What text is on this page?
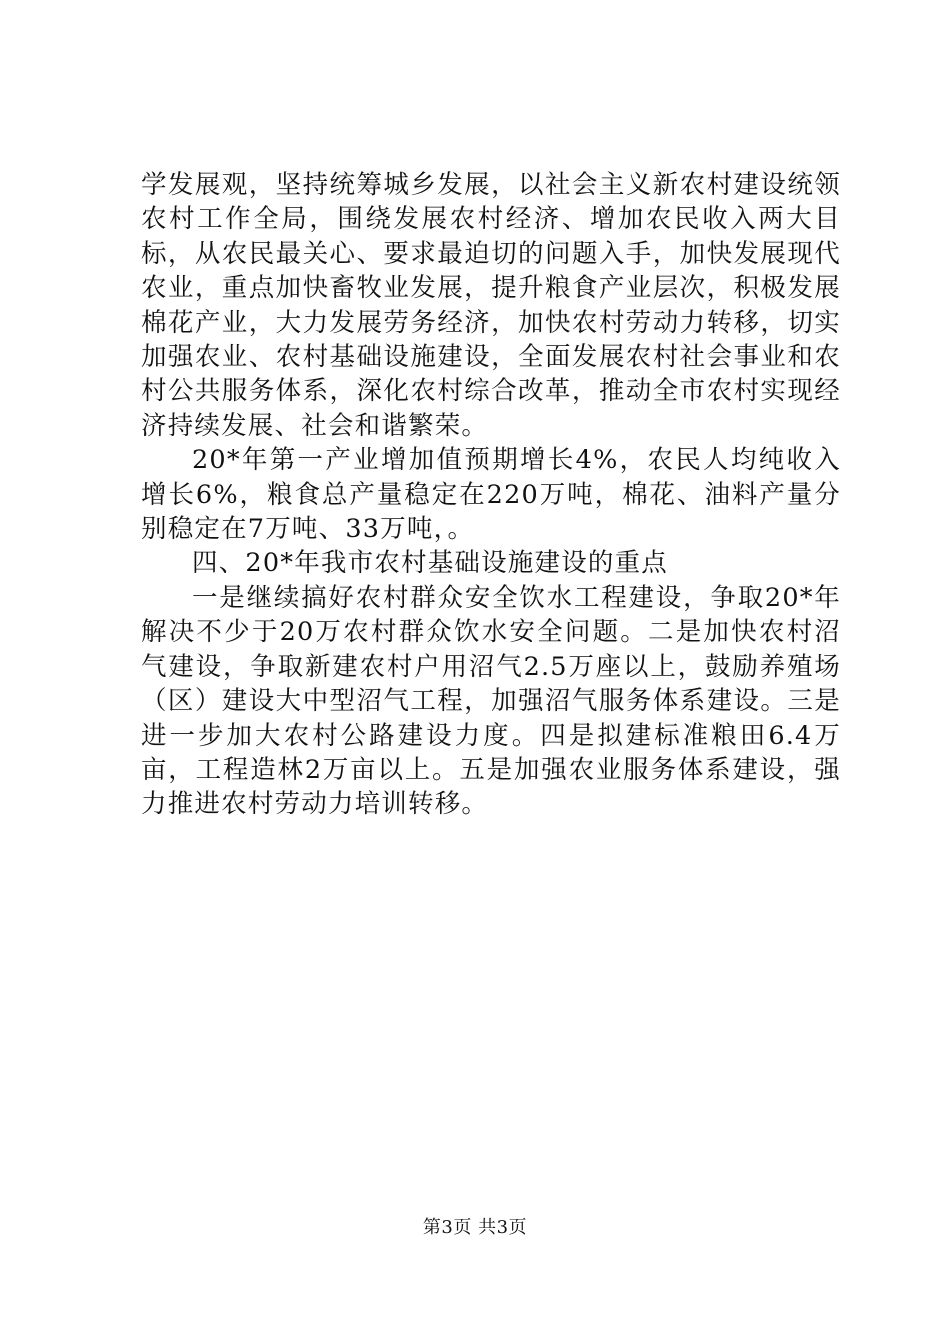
学发展观，坚持统筹城乡发展，以社会主义新农村建设统领农村工作全局，围绕发展农村经济、增加农民收入两大目标，从农民最关心、要求最迫切的问题入手，加快发展现代农业，重点加快畜牧业发展，提升粮食产业层次，积极发展棉花产业，大力发展劳务经济，加快农村劳动力转移，切实加强农业、农村基础设施建设，全面发展农村社会事业和农村公共服务体系，深化农村综合改革，推动全市农村实现经济持续发展、社会和谐繁荣。

20*年第一产业增加值预期增长4%，农民人均纯收入增长6%，粮食总产量稳定在220万吨，棉花、油料产量分别稳定在7万吨、33万吨，。

四、20*年我市农村基础设施建设的重点

一是继续搞好农村群众安全饮水工程建设，争取20*年解决不少于20万农村群众饮水安全问题。二是加快农村沼气建设，争取新建农村户用沼气2.5万座以上，鼓励养殖场（区）建设大中型沼气工程，加强沼气服务体系建设。三是进一步加大农村公路建设力度。四是拟建标准粮田6.4万亩，工程造林2万亩以上。五是加强农业服务体系建设，强力推进农村劳动力培训转移。

第3页 共3页
